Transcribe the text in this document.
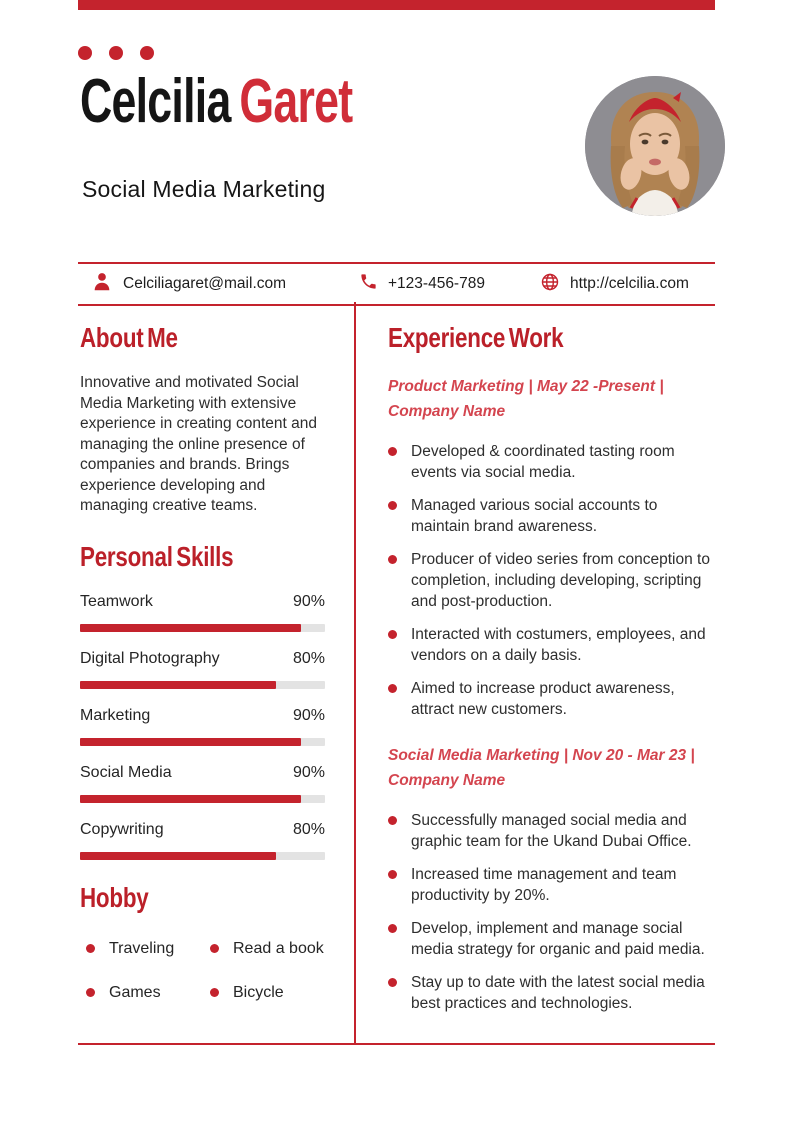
Celcilia Garet

Social Media Marketing

Celciliagaret@mail.com	+123-456-789	http://celcilia.com
About Me

Innovative and motivated Social Media Marketing with extensive experience in creating content and managing the online presence of companies and brands. Brings experience developing and managing creative teams.

Personal Skills
Teamwork	90%
Digital Photography	80%
Marketing	90%
Social Media	90%
Copywriting	80%
Hobby
Traveling	Read a book
Games	Bicycle
Experience Work
Product Marketing | May 22 -Present | Company Name
Developed & coordinated tasting room events via social media.
Managed various social accounts to maintain brand awareness.
Producer of video series from conception to completion, including developing, scripting and post-production.
Interacted with costumers, employees, and vendors on a daily basis.
Aimed to increase product awareness, attract new customers.
Social Media Marketing | Nov 20 - Mar 23 | Company Name
Successfully managed social media and graphic team for the Ukand Dubai Office.
Increased time management and team productivity by 20%.
Develop, implement and manage social media strategy for organic and paid media.
Stay up to date with the latest social media best practices and technologies.
